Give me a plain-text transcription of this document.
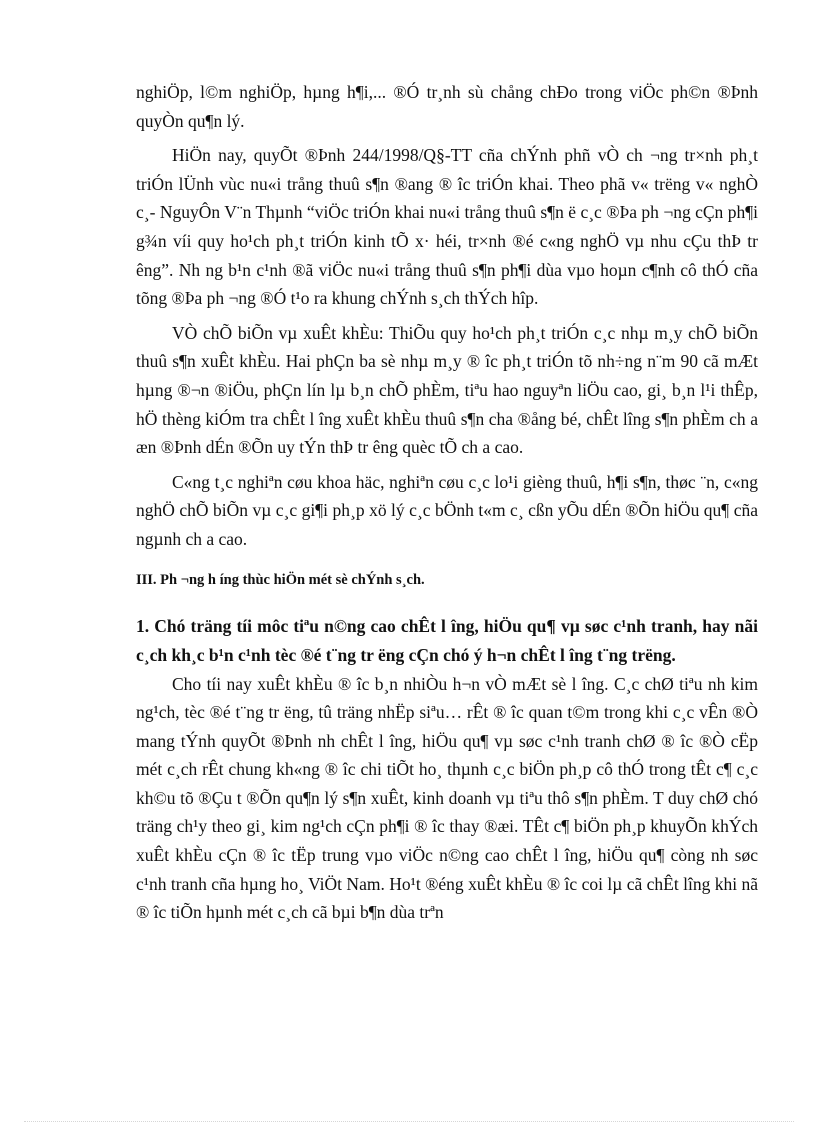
nghiÖp, l©m nghiÖp, hµng h¶i,... ®Ó tr¸nh sù chång chÐo trong viÖc ph©n ®Þnh quyÒn qu¶n lý.

HiÖn nay, quyÕt ®Þnh 244/1998/Q§-TT cña chÝnh phñ vÒ ch ¬ng tr×nh ph¸t triÓn lÜnh vùc nu«i trång thuû s¶n ®ang ® îc triÓn khai. Theo phã v« trëng v« nghÒ c¸- NguyÔn V¨n Thµnh “viÖc triÓn khai nu«i trång thuû s¶n ë c¸c ®Þa ph ¬ng cÇn ph¶i g¾n víi quy ho¹ch ph¸t triÓn kinh tÕ x· héi, tr×nh ®é c«ng nghÖ vµ nhu cÇu thÞ tr êng”. Nh ng b¹n c¹nh ®ã viÖc nu«i trång thuû s¶n ph¶i dùa vµo hoµn c¶nh cô thÓ cña tõng ®Þa ph ¬ng ®Ó t¹o ra khung chÝnh s¸ch thÝch hîp.

VÒ chÕ biÕn vµ xuÊt khÈu: ThiÕu quy ho¹ch ph¸t triÓn c¸c nhµ m¸y chÕ biÕn thuû s¶n xuÊt khÈu. Hai phÇn ba sè nhµ m¸y ® îc ph¸t triÓn tõ nh÷ng n¨m 90 cã mÆt hµng ®¬n ®iÖu, phÇn lín lµ b¸n chÕ phÈm, tiªu hao nguyªn liÖu cao, gi¸ b¸n l¹i thÊp, hÖ thèng kiÓm tra chÊt l îng xuÊt khÈu thuû s¶n cha ®ång bé, chÊt lîng s¶n phÈm ch a æn ®Þnh dÉn ®Õn uy tÝn thÞ tr êng quèc tÕ ch a cao.

C«ng t¸c nghiªn cøu khoa häc, nghiªn cøu c¸c lo¹i gièng thuû, h¶i s¶n, thøc ¨n, c«ng nghÖ chÕ biÕn vµ c¸c gi¶i ph¸p xö lý c¸c bÖnh t«m c¸ cßn yÕu dÉn ®Õn hiÖu qu¶ cña ngµnh ch a cao.

III. Ph ¬ng h íng thùc hiÖn mét sè chÝnh s¸ch.

1. Chó träng tíi môc tiªu n©ng cao chÊt l îng, hiÖu qu¶ vµ søc c¹nh tranh, hay nãi c¸ch kh¸c b¹n c¹nh tèc ®é t¨ng tr ëng cÇn chó ý h¬n chÊt l îng t¨ng trëng.

Cho tíi nay xuÊt khÈu ® îc b¸n nhiÒu h¬n vÒ mÆt sè l îng. C¸c chØ tiªu nh kim ng¹ch, tèc ®é t¨ng tr ëng, tû träng nhËp siªu… rÊt ® îc quan t©m trong khi c¸c vÊn ®Ò mang tÝnh quyÕt ®Þnh nh chÊt l îng, hiÖu qu¶ vµ søc c¹nh tranh chØ ® îc ®Ò cËp mét c¸ch rÊt chung kh«ng ® îc chi tiÕt ho¸ thµnh c¸c biÖn ph¸p cô thÓ trong tÊt c¶ c¸c kh©u tõ ®Çu t ®Õn qu¶n lý s¶n xuÊt, kinh doanh vµ tiªu thô s¶n phÈm. T duy chØ chó träng ch¹y theo gi¸ kim ng¹ch cÇn ph¶i ® îc thay ®æi. TÊt c¶ biÖn ph¸p khuyÕn khÝch xuÊt khÈu cÇn ® îc tËp trung vµo viÖc n©ng cao chÊt l îng, hiÖu qu¶ còng nh søc c¹nh tranh cña hµng ho¸ ViÖt Nam. Ho¹t ®éng xuÊt khÈu ® îc coi lµ cã chÊt lîng khi nã ® îc tiÕn hµnh mét c¸ch cã bµi b¶n dùa trªn
